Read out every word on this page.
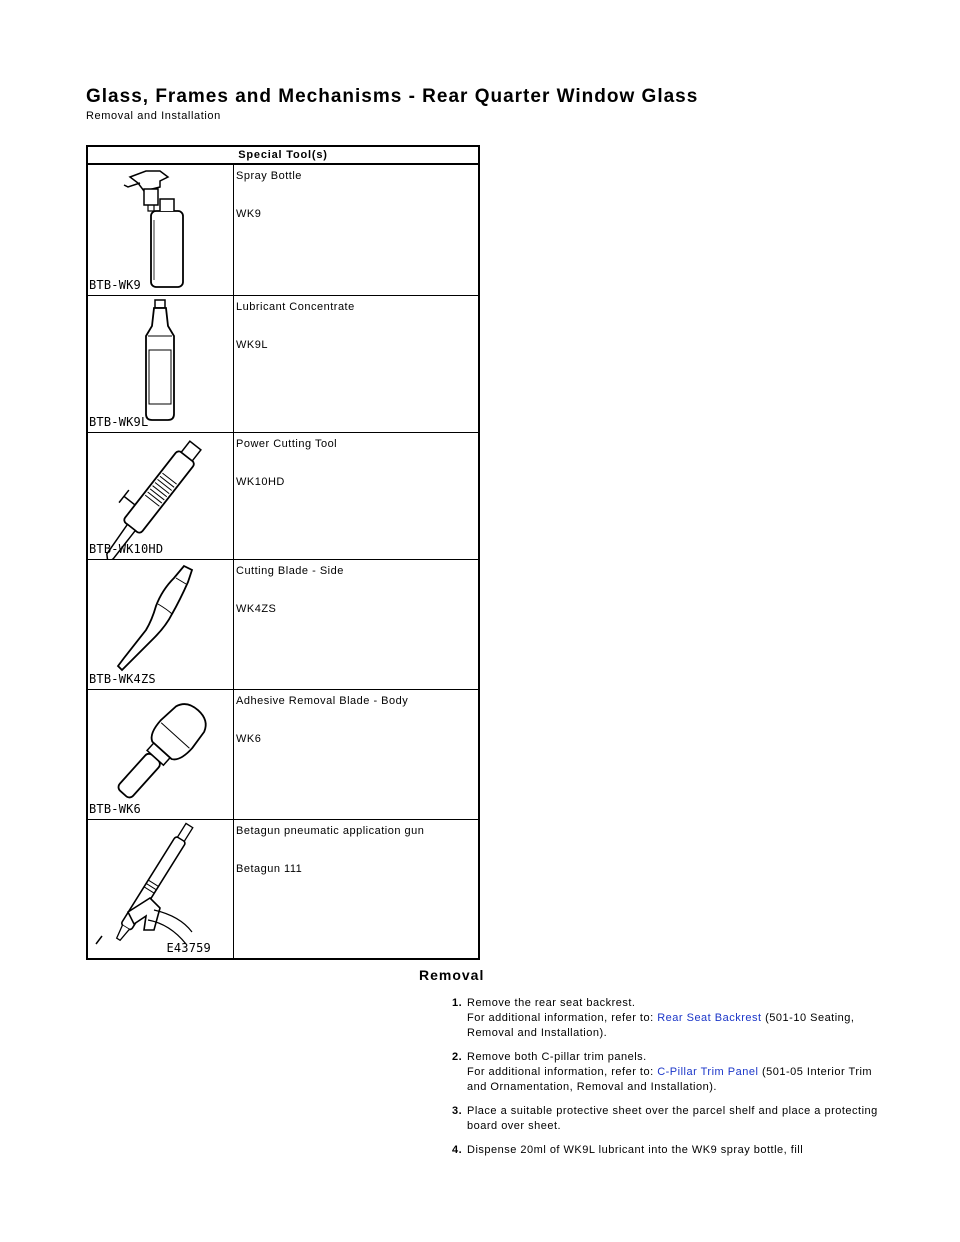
Glass, Frames and Mechanisms - Rear Quarter Window Glass
Removal and Installation
Special Tool(s)	

BTB-WK9	Spray Bottle
WK9

BTB-WK9L	Lubricant Concentrate
WK9L

BTB-WK10HD	Power Cutting Tool
WK10HD

BTB-WK4ZS	Cutting Blade - Side
WK4ZS

BTB-WK6	Adhesive Removal Blade - Body
WK6

E43759	Betagun pneumatic application gun
Betagun 111
Removal
1. Remove the rear seat backrest.
For additional information, refer to: Rear Seat Backrest (501-10 Seating, Removal and Installation).
2. Remove both C-pillar trim panels.
For additional information, refer to: C-Pillar Trim Panel (501-05 Interior Trim and Ornamentation, Removal and Installation).
3. Place a suitable protective sheet over the parcel shelf and place a protecting board over sheet.
4. Dispense 20ml of WK9L lubricant into the WK9 spray bottle, fill
